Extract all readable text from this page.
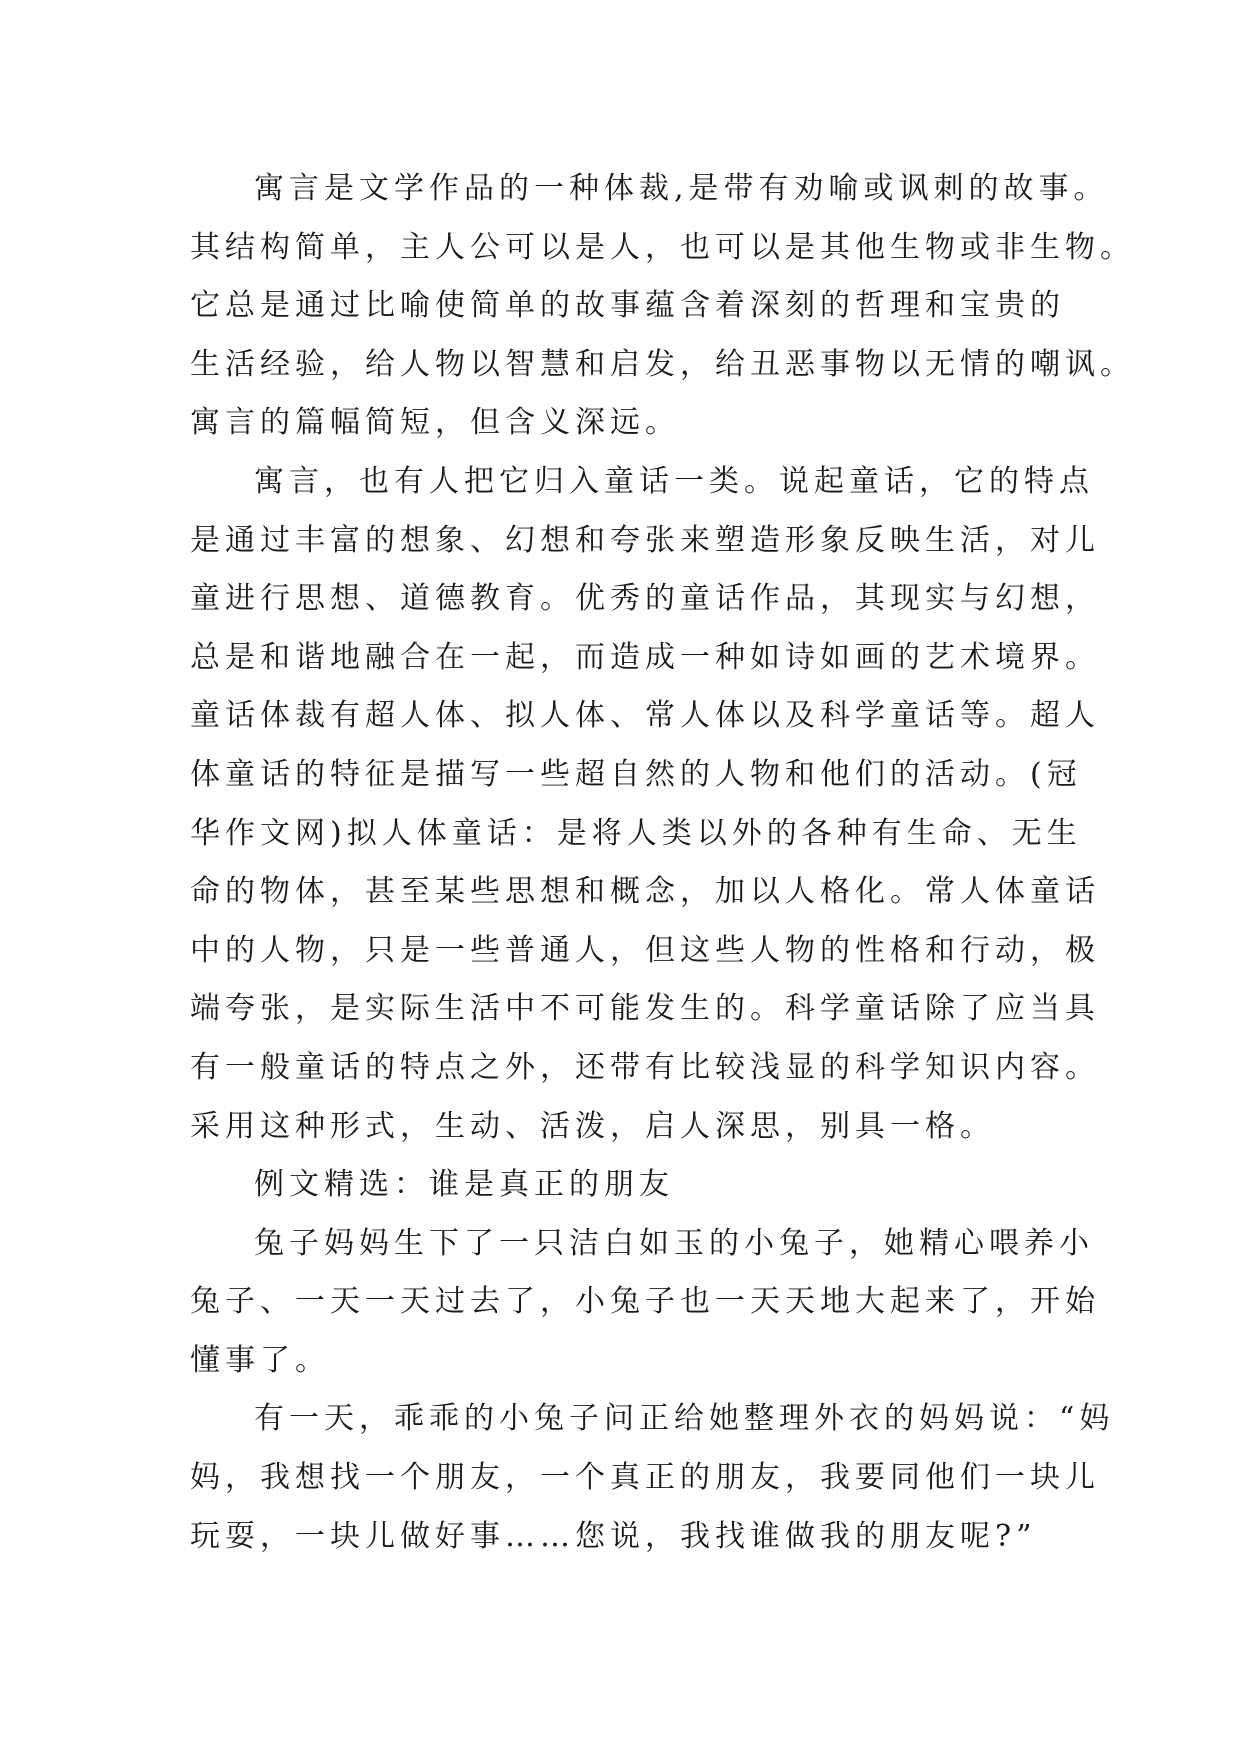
寓言是文学作品的一种体裁,是带有劝喻或讽刺的故事。
其结构简单，主人公可以是人，也可以是其他生物或非生物。
它总是通过比喻使简单的故事蕴含着深刻的哲理和宝贵的
生活经验，给人物以智慧和启发，给丑恶事物以无情的嘲讽。
寓言的篇幅简短，但含义深远。
寓言，也有人把它归入童话一类。说起童话，它的特点
是通过丰富的想象、幻想和夸张来塑造形象反映生活，对儿
童进行思想、道德教育。优秀的童话作品，其现实与幻想，
总是和谐地融合在一起，而造成一种如诗如画的艺术境界。
童话体裁有超人体、拟人体、常人体以及科学童话等。超人
体童话的特征是描写一些超自然的人物和他们的活动。(冠
华作文网)拟人体童话：是将人类以外的各种有生命、无生
命的物体，甚至某些思想和概念，加以人格化。常人体童话
中的人物，只是一些普通人，但这些人物的性格和行动，极
端夸张，是实际生活中不可能发生的。科学童话除了应当具
有一般童话的特点之外，还带有比较浅显的科学知识内容。
采用这种形式，生动、活泼，启人深思，别具一格。
例文精选：谁是真正的朋友
兔子妈妈生下了一只洁白如玉的小兔子，她精心喂养小
兔子、一天一天过去了，小兔子也一天天地大起来了，开始
懂事了。
有一天，乖乖的小兔子问正给她整理外衣的妈妈说：“妈
妈，我想找一个朋友，一个真正的朋友，我要同他们一块儿
玩耍，一块儿做好事……您说，我找谁做我的朋友呢?”
